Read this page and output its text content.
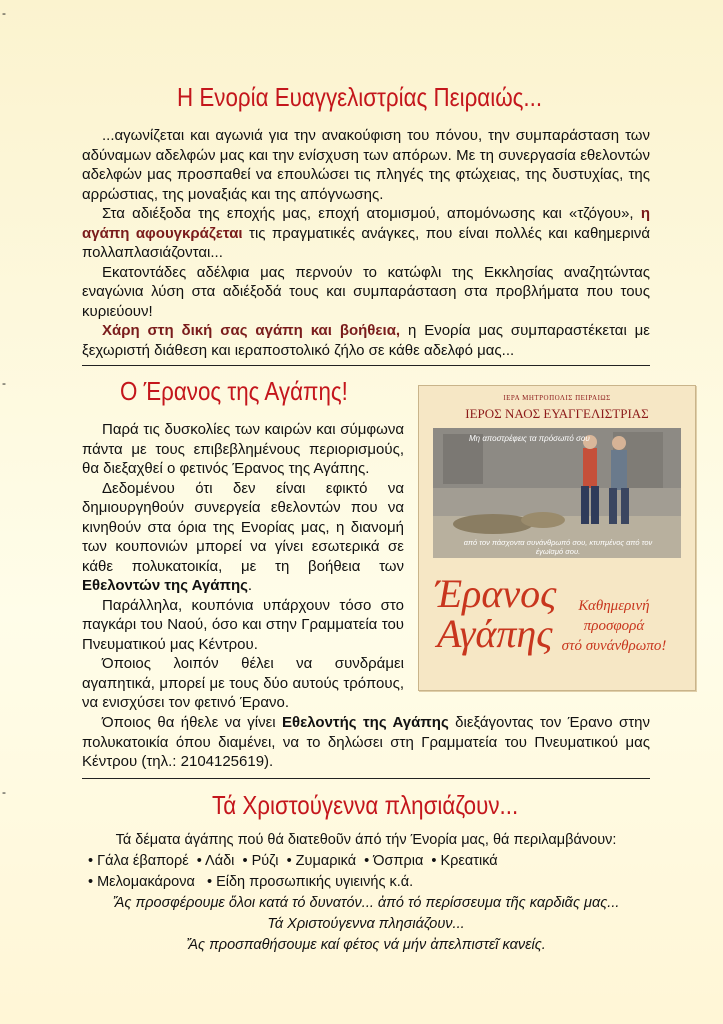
-
-
-
Η Ενορία Ευαγγελιστρίας Πειραιώς...

...αγωνίζεται και αγωνιά για την ανακούφιση του πόνου, την συμπαράσταση των αδύναμων αδελφών μας και την ενίσχυση των απόρων. Με τη συνεργασία εθελοντών αδελφών μας προσπαθεί να επουλώσει τις πληγές της φτώχειας, της δυστυχίας, της αρρώστιας, της μοναξιάς και της απόγνωσης.

Στα αδιέξοδα της εποχής μας, εποχή ατομισμού, απομόνωσης και «τζόγου», η αγάπη αφουγκράζεται τις πραγματικές ανάγκες, που είναι πολλές και καθημερινά πολλαπλασιάζονται...

Εκατοντάδες αδέλφια μας περνούν το κατώφλι της Εκκλησίας αναζητώντας εναγώνια λύση στα αδιέξοδά τους και συμπαράσταση στα προβλήματα που τους κυριεύουν!

Χάρη στη δική σας αγάπη και βοήθεια, η Ενορία μας συμπαραστέκεται με ξεχωριστή διάθεση και ιεραποστολικό ζήλο σε κάθε αδελφό μας...

Ο Έρανος της Αγάπης!

Παρά τις δυσκολίες των καιρών και σύμφωνα πάντα με τους επιβεβλημένους περιορισμούς, θα διεξαχθεί ο φετινός Έρανος της Αγάπης.

Δεδομένου ότι δεν είναι εφικτό να δημιουργηθούν συνεργεία εθελοντών που να κινηθούν στα όρια της Ενορίας μας, η διανομή των κουπονιών μπορεί να γίνει εσωτερικά σε κάθε πολυκατοικία, με τη βοήθεια των Εθελοντών της Αγάπης.

Παράλληλα, κουπόνια υπάρχουν τόσο στο παγκάρι του Ναού, όσο και στην Γραμματεία του Πνευματικού μας Κέντρου.

Όποιος λοιπόν θέλει να συνδράμει αγαπητικά, μπορεί με τους δύο αυτούς τρόπους, να ενισχύσει τον φετινό Έρανο.

Όποιος θα ήθελε να γίνει Εθελοντής της Αγάπης διεξάγοντας τον Έρανο στην πολυκατοικία όπου διαμένει, να το δηλώσει στη Γραμματεία του Πνευματικού μας Κέντρου (τηλ.: 2104125619).

ΙΕΡΑ ΜΗΤΡΟΠΟΛΙΣ ΠΕΙΡΑΙΩΣ
ΙΕΡΟΣ ΝΑΟΣ ΕΥΑΓΓΕΛΙΣΤΡΙΑΣ
Μη αποστρέφεις τα πρόσωπό σου
από τον πάσχοντα συνάνθρωπό σου, κτυπμένος από τον έγωϊσμό σου.
Έρανος
Αγάπης
Καθημερινή
προσφορά
στό συνάνθρωπο!
Τά Χριστούγεννα πλησιάζουν...

Τά δέματα άγάπης πού θά διατεθοῦν άπό τήν Ένορία μας, θά περιλαμβάνουν:

• Γάλα έβαπορέ  • Λάδι  • Ρύζι  • Ζυμαρικά  • Όσπρια  • Κρεατικά

• Μελομακάρονα   • Είδη προσωπικής υγιεινής κ.ά.

Ἄς προσφέρουμε ὅλοι κατά τό δυνατόν... ἀπό τό περίσσευμα τῆς καρδιᾶς μας...

Τά Χριστούγεννα πλησιάζουν...

Ἄς προσπαθήσουμε καί φέτος νά μήν ἀπελπιστεῖ κανείς.
